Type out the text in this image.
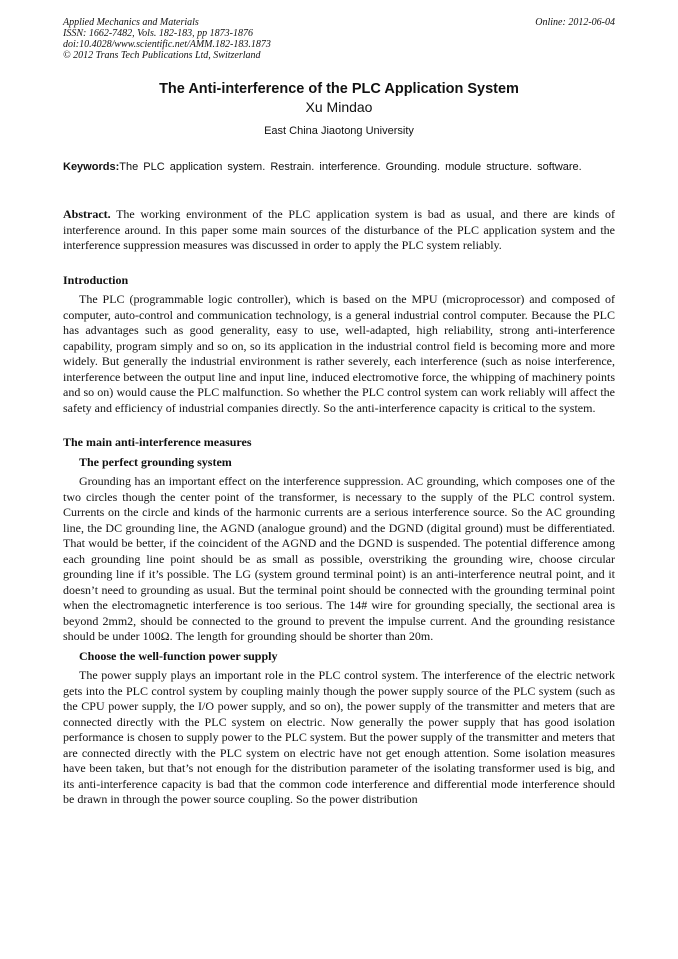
Applied Mechanics and Materials
ISSN: 1662-7482, Vols. 182-183, pp 1873-1876
doi:10.4028/www.scientific.net/AMM.182-183.1873
© 2012 Trans Tech Publications Ltd, Switzerland
Online: 2012-06-04
The Anti-interference of the PLC Application System
Xu Mindao
East China Jiaotong University
Keywords:The PLC application system. Restrain. interference. Grounding. module structure. software.

Abstract. The working environment of the PLC application system is bad as usual, and there are kinds of interference around. In this paper some main sources of the disturbance of the PLC application system and the interference suppression measures was discussed in order to apply the PLC system reliably.

Introduction

The PLC (programmable logic controller), which is based on the MPU (microprocessor) and composed of computer, auto-control and communication technology, is a general industrial control computer. Because the PLC has advantages such as good generality, easy to use, well-adapted, high reliability, strong anti-interference capability, program simply and so on, so its application in the industrial control field is becoming more and more widely. But generally the industrial environment is rather severely, each interference (such as noise interference, interference between the output line and input line, induced electromotive force, the whipping of machinery points and so on) would cause the PLC malfunction. So whether the PLC control system can work reliably will affect the safety and efficiency of industrial companies directly. So the anti-interference capacity is critical to the system.

The main anti-interference measures

The perfect grounding system

Grounding has an important effect on the interference suppression. AC grounding, which composes one of the two circles though the center point of the transformer, is necessary to the supply of the PLC control system. Currents on the circle and kinds of the harmonic currents are a serious interference source. So the AC grounding line, the DC grounding line, the AGND (analogue ground) and the DGND (digital ground) must be differentiated. That would be better, if the coincident of the AGND and the DGND is suspended. The potential difference among each grounding line point should be as small as possible, overstriking the grounding wire, choose circular grounding line if it’s possible. The LG (system ground terminal point) is an anti-interference neutral point, and it doesn’t need to grounding as usual. But the terminal point should be connected with the grounding terminal point when the electromagnetic interference is too serious. The 14# wire for grounding specially, the sectional area is beyond 2mm2, should be connected to the ground to prevent the impulse current. And the grounding resistance should be under 100Ω. The length for grounding should be shorter than 20m.

Choose the well-function power supply

The power supply plays an important role in the PLC control system. The interference of the electric network gets into the PLC control system by coupling mainly though the power supply source of the PLC system (such as the CPU power supply, the I/O power supply, and so on), the power supply of the transmitter and meters that are connected directly with the PLC system on electric. Now generally the power supply that has good isolation performance is chosen to supply power to the PLC system. But the power supply of the transmitter and meters that are connected directly with the PLC system on electric have not get enough attention. Some isolation measures have been taken, but that’s not enough for the distribution parameter of the isolating transformer used is big, and its anti-interference capacity is bad that the common code interference and differential mode interference should be drawn in through the power source coupling. So the power distribution
